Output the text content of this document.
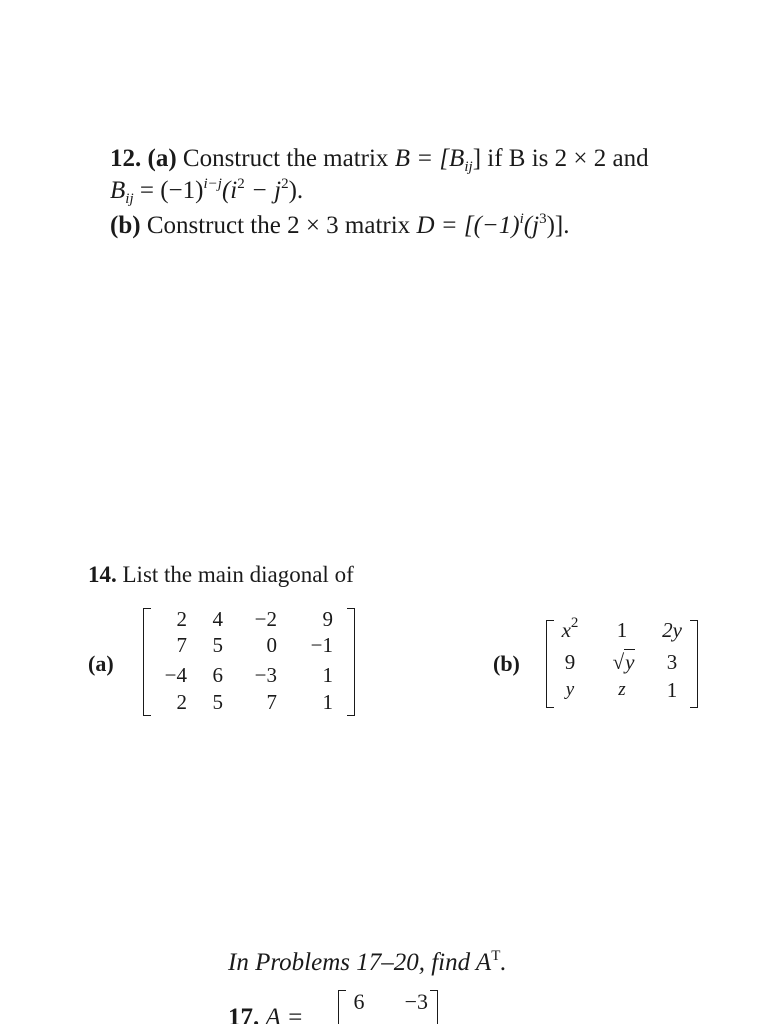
12. (a) Construct the matrix $B = [B_{ij}]$ if B is 2 × 2 and
$B_{ij} = (-1)^{i-j}(i^2 - j^2)$.
(b) Construct the 2 × 3 matrix $D = [(-1)^i(j^3)]$.
14. List the main diagonal of
(a)
2	4	−2	9
7	5	0	−1
−4	6	−3	1
2	5	7	1
(b)
$x^2$	1	2y
9	√y	3
y	z	1
In Problems 17–20, find $A^T$.
17. A =
6	−3
